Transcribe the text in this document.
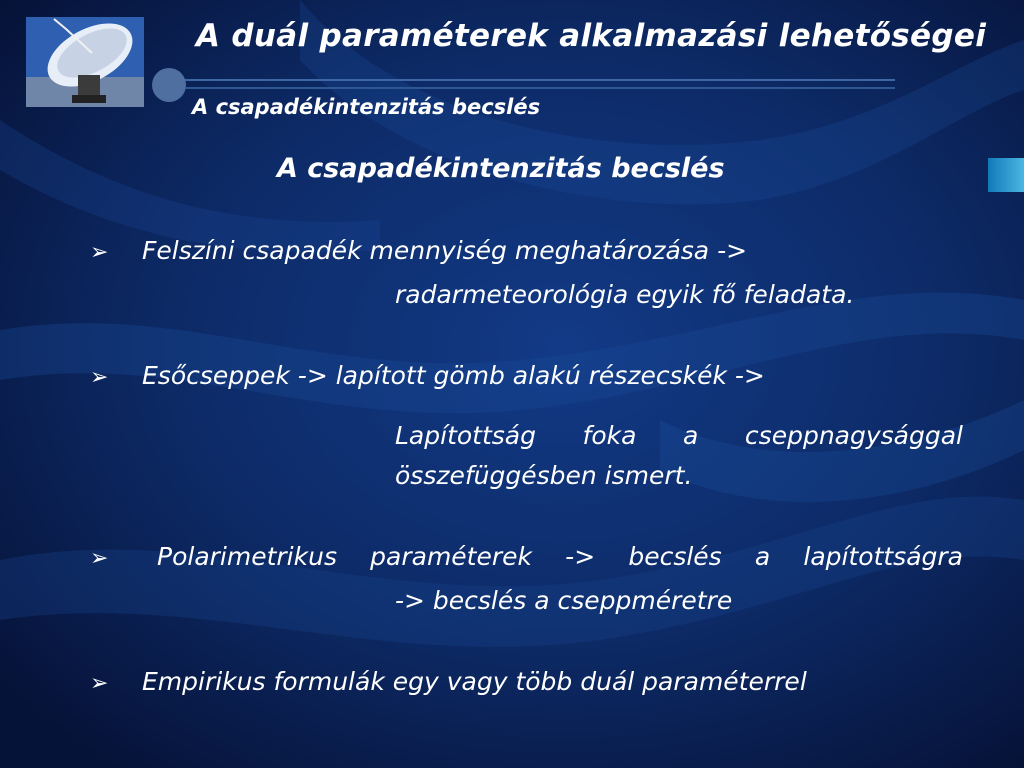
A duál paraméterek alkalmazási lehetőségei
A csapadékintenzitás becslés
A csapadékintenzitás becslés
➢ Felszíni csapadék mennyiség meghatározása ->
radarmeteorológia egyik fő feladata.
➢ Esőcseppek -> lapított gömb alakú részecskék ->
Lapítottság foka a cseppnagysággal
összefüggésben ismert.
➢ Polarimetrikus paraméterek -> becslés a lapítottságra
-> becslés a cseppméretre
➢ Empirikus formulák egy vagy több duál paraméterrel
